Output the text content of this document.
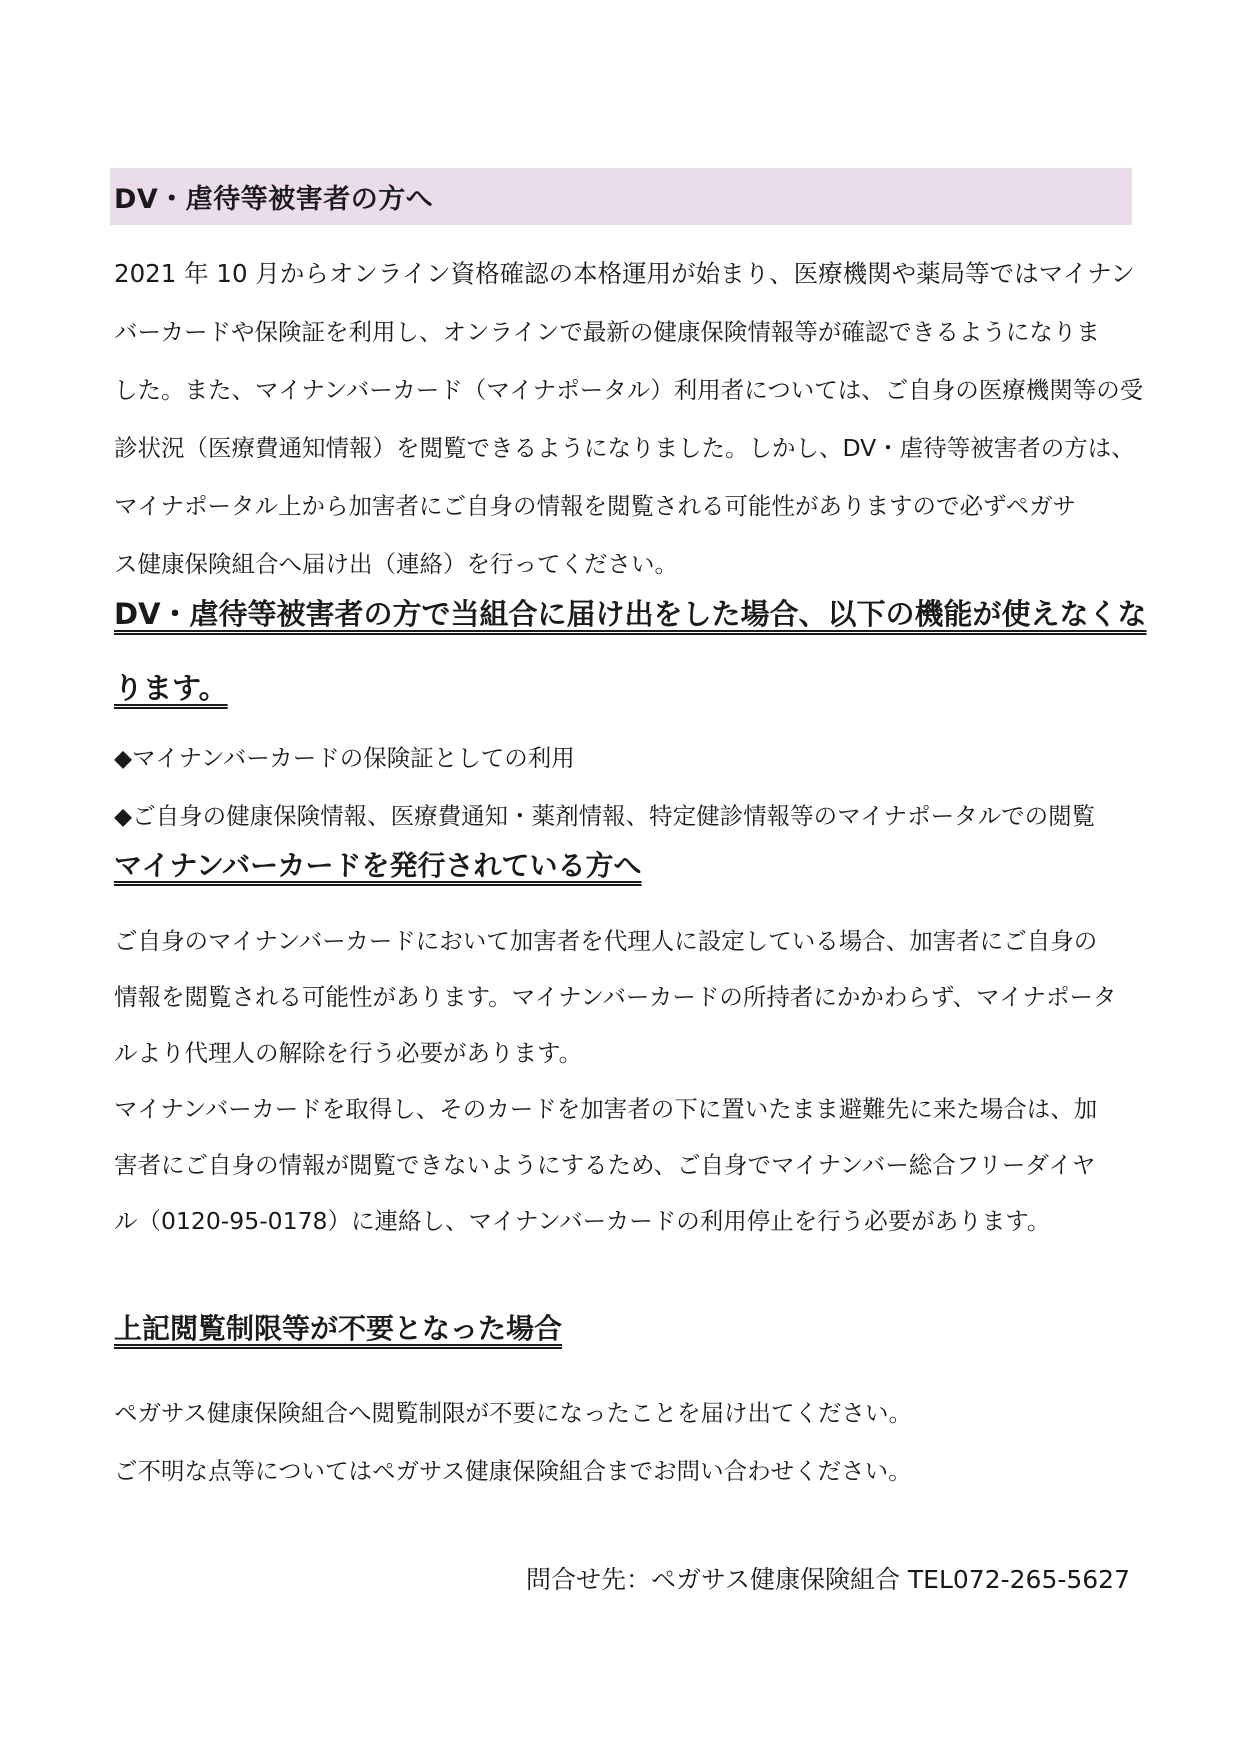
DV・虐待等被害者の方へ
2021 年 10 月からオンライン資格確認の本格運用が始まり、医療機関や薬局等ではマイナン
バーカードや保険証を利用し、オンラインで最新の健康保険情報等が確認できるようになりま
した。また、マイナンバーカード（マイナポータル）利用者については、ご自身の医療機関等の受
診状況（医療費通知情報）を閲覧できるようになりました。しかし、DV・虐待等被害者の方は、
マイナポータル上から加害者にご自身の情報を閲覧される可能性がありますので必ずペガサ
ス健康保険組合へ届け出（連絡）を行ってください。
DV・虐待等被害者の方で当組合に届け出をした場合、以下の機能が使えなくな
ります。
◆マイナンバーカードの保険証としての利用
◆ご自身の健康保険情報、医療費通知・薬剤情報、特定健診情報等のマイナポータルでの閲覧
マイナンバーカードを発行されている方へ
ご自身のマイナンバーカードにおいて加害者を代理人に設定している場合、加害者にご自身の
情報を閲覧される可能性があります。マイナンバーカードの所持者にかかわらず、マイナポータ
ルより代理人の解除を行う必要があります。
マイナンバーカードを取得し、そのカードを加害者の下に置いたまま避難先に来た場合は、加
害者にご自身の情報が閲覧できないようにするため、ご自身でマイナンバー総合フリーダイヤ
ル（0120-95-0178）に連絡し、マイナンバーカードの利用停止を行う必要があります。
上記閲覧制限等が不要となった場合
ペガサス健康保険組合へ閲覧制限が不要になったことを届け出てください。
ご不明な点等についてはペガサス健康保険組合までお問い合わせください。
問合せ先：ペガサス健康保険組合 TEL072-265-5627
